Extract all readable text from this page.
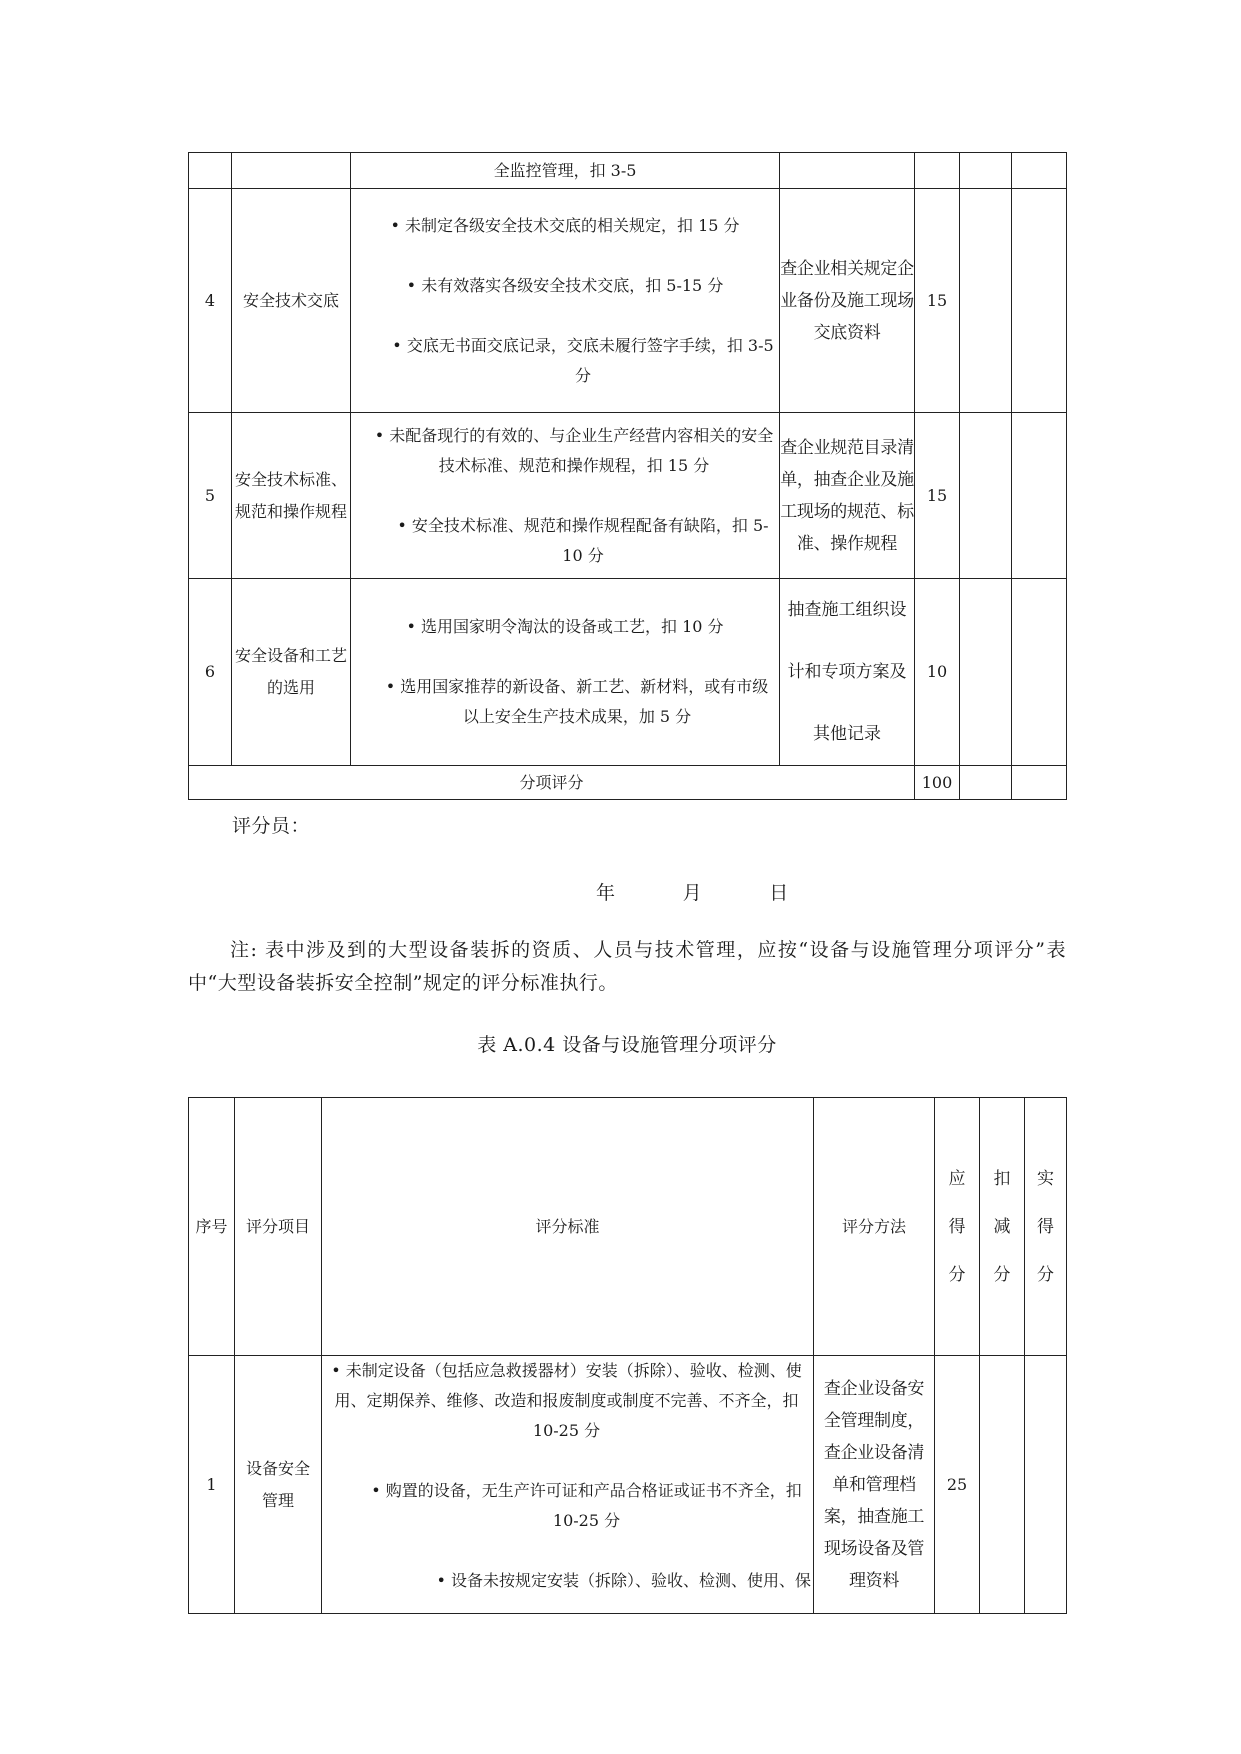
		全监控管理，扣 3-5				
4	安全技术交底	• 未制定各级安全技术交底的相关规定，扣 15 分

• 未有效落实各级安全技术交底，扣 5-15 分

• 交底无书面交底记录，交底未履行签字手续，扣 3-5 分	查企业相关规定企业备份及施工现场交底资料	15		
5	安全技术标准、规范和操作规程	• 未配备现行的有效的、与企业生产经营内容相关的安全技术标准、规范和操作规程，扣 15 分

• 安全技术标准、规范和操作规程配备有缺陷，扣 5-10 分	查企业规范目录清单，抽查企业及施工现场的规范、标准、操作规程	15		
6	安全设备和工艺的选用	• 选用国家明令淘汰的设备或工艺，扣 10 分

• 选用国家推荐的新设备、新工艺、新材料，或有市级以上安全生产技术成果，加 5 分	抽查施工组织设计和专项方案及其他记录	10		
分项评分				100		

评分员：

年	月	日

注: 表中涉及到的大型设备装拆的资质、人员与技术管理，应按“设备与设施管理分项评分”表中“大型设备装拆安全控制”规定的评分标准执行。

表 A.0.4 设备与设施管理分项评分

序号	评分项目	评分标准	评分方法	应
得
分	扣
减
分	实
得
分

1	设备安全管理	• 未制定设备（包括应急救援器材）安装（拆除）、验收、检测、使用、定期保养、维修、改造和报废制度或制度不完善、不齐全，扣 10-25 分

• 购置的设备，无生产许可证和产品合格证或证书不齐全，扣 10-25 分

• 设备未按规定安装（拆除）、验收、检测、使用、保	查企业设备安全管理制度，查企业设备清单和管理档案，抽查施工现场设备及管理资料	25		
